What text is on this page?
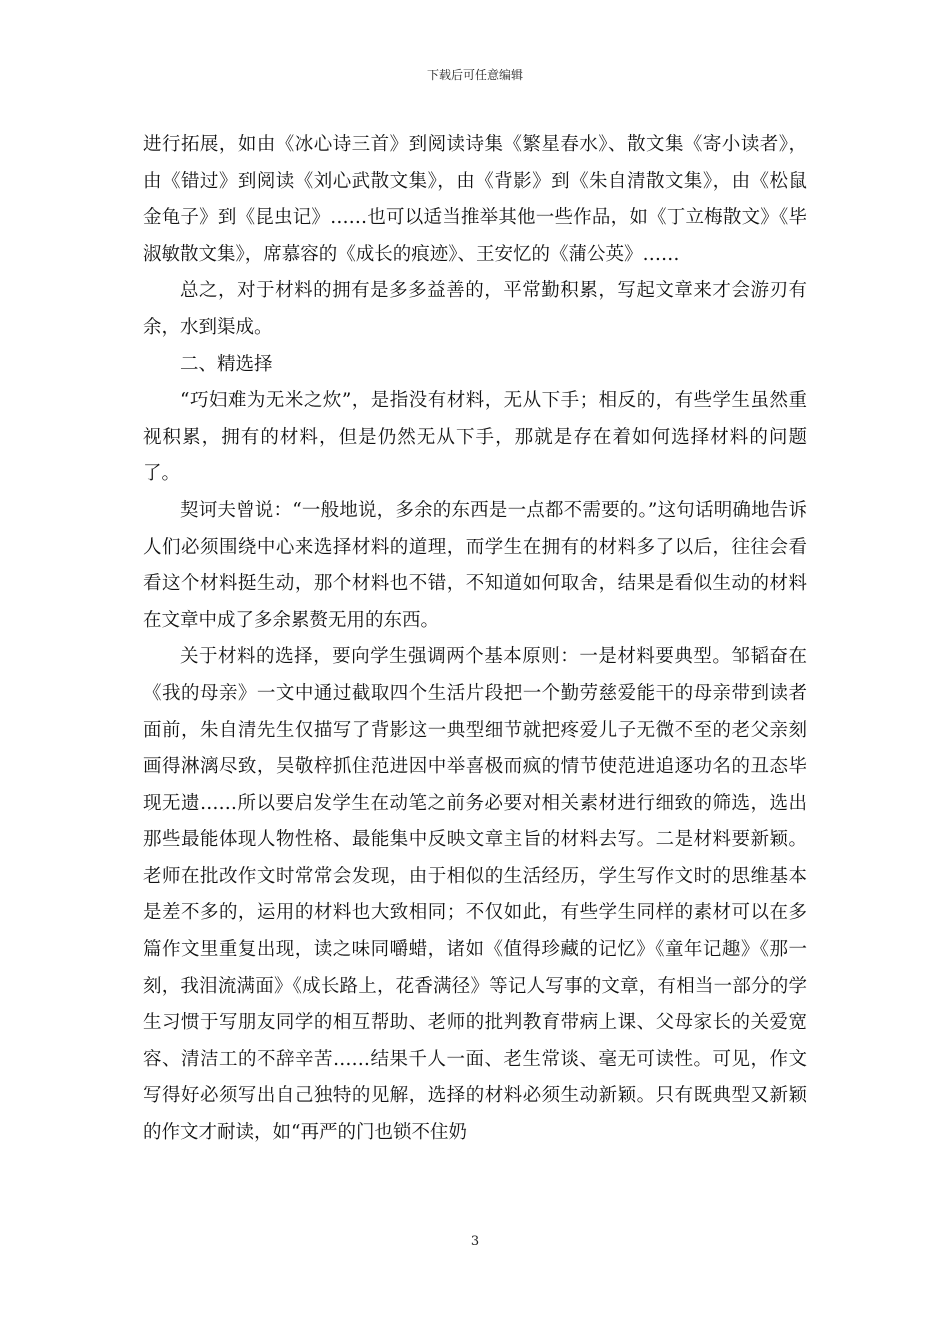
下载后可任意编辑

进行拓展，如由《冰心诗三首》到阅读诗集《繁星春水》、散文集《寄小读者》，由《错过》到阅读《刘心武散文集》，由《背影》到《朱自清散文集》，由《松鼠金龟子》到《昆虫记》……也可以适当推举其他一些作品，如《丁立梅散文》《毕淑敏散文集》，席慕容的《成长的痕迹》、王安忆的《蒲公英》……

总之，对于材料的拥有是多多益善的，平常勤积累，写起文章来才会游刃有余，水到渠成。

二、精选择

“巧妇难为无米之炊”，是指没有材料，无从下手；相反的，有些学生虽然重视积累，拥有的材料，但是仍然无从下手，那就是存在着如何选择材料的问题了。

契诃夫曾说：“一般地说，多余的东西是一点都不需要的。”这句话明确地告诉人们必须围绕中心来选择材料的道理，而学生在拥有的材料多了以后，往往会看看这个材料挺生动，那个材料也不错，不知道如何取舍，结果是看似生动的材料在文章中成了多余累赘无用的东西。

关于材料的选择，要向学生强调两个基本原则：一是材料要典型。邹韬奋在《我的母亲》一文中通过截取四个生活片段把一个勤劳慈爱能干的母亲带到读者面前，朱自清先生仅描写了背影这一典型细节就把疼爱儿子无微不至的老父亲刻画得淋漓尽致，吴敬梓抓住范进因中举喜极而疯的情节使范进追逐功名的丑态毕现无遗……所以要启发学生在动笔之前务必要对相关素材进行细致的筛选，选出那些最能体现人物性格、最能集中反映文章主旨的材料去写。二是材料要新颖。老师在批改作文时常常会发现，由于相似的生活经历，学生写作文时的思维基本是差不多的，运用的材料也大致相同；不仅如此，有些学生同样的素材可以在多篇作文里重复出现，读之味同嚼蜡，诸如《值得珍藏的记忆》《童年记趣》《那一刻，我泪流满面》《成长路上，花香满径》等记人写事的文章，有相当一部分的学生习惯于写朋友同学的相互帮助、老师的批判教育带病上课、父母家长的关爱宽容、清洁工的不辞辛苦……结果千人一面、老生常谈、毫无可读性。可见，作文写得好必须写出自己独特的见解，选择的材料必须生动新颖。只有既典型又新颖的作文才耐读，如“再严的门也锁不住奶

3
